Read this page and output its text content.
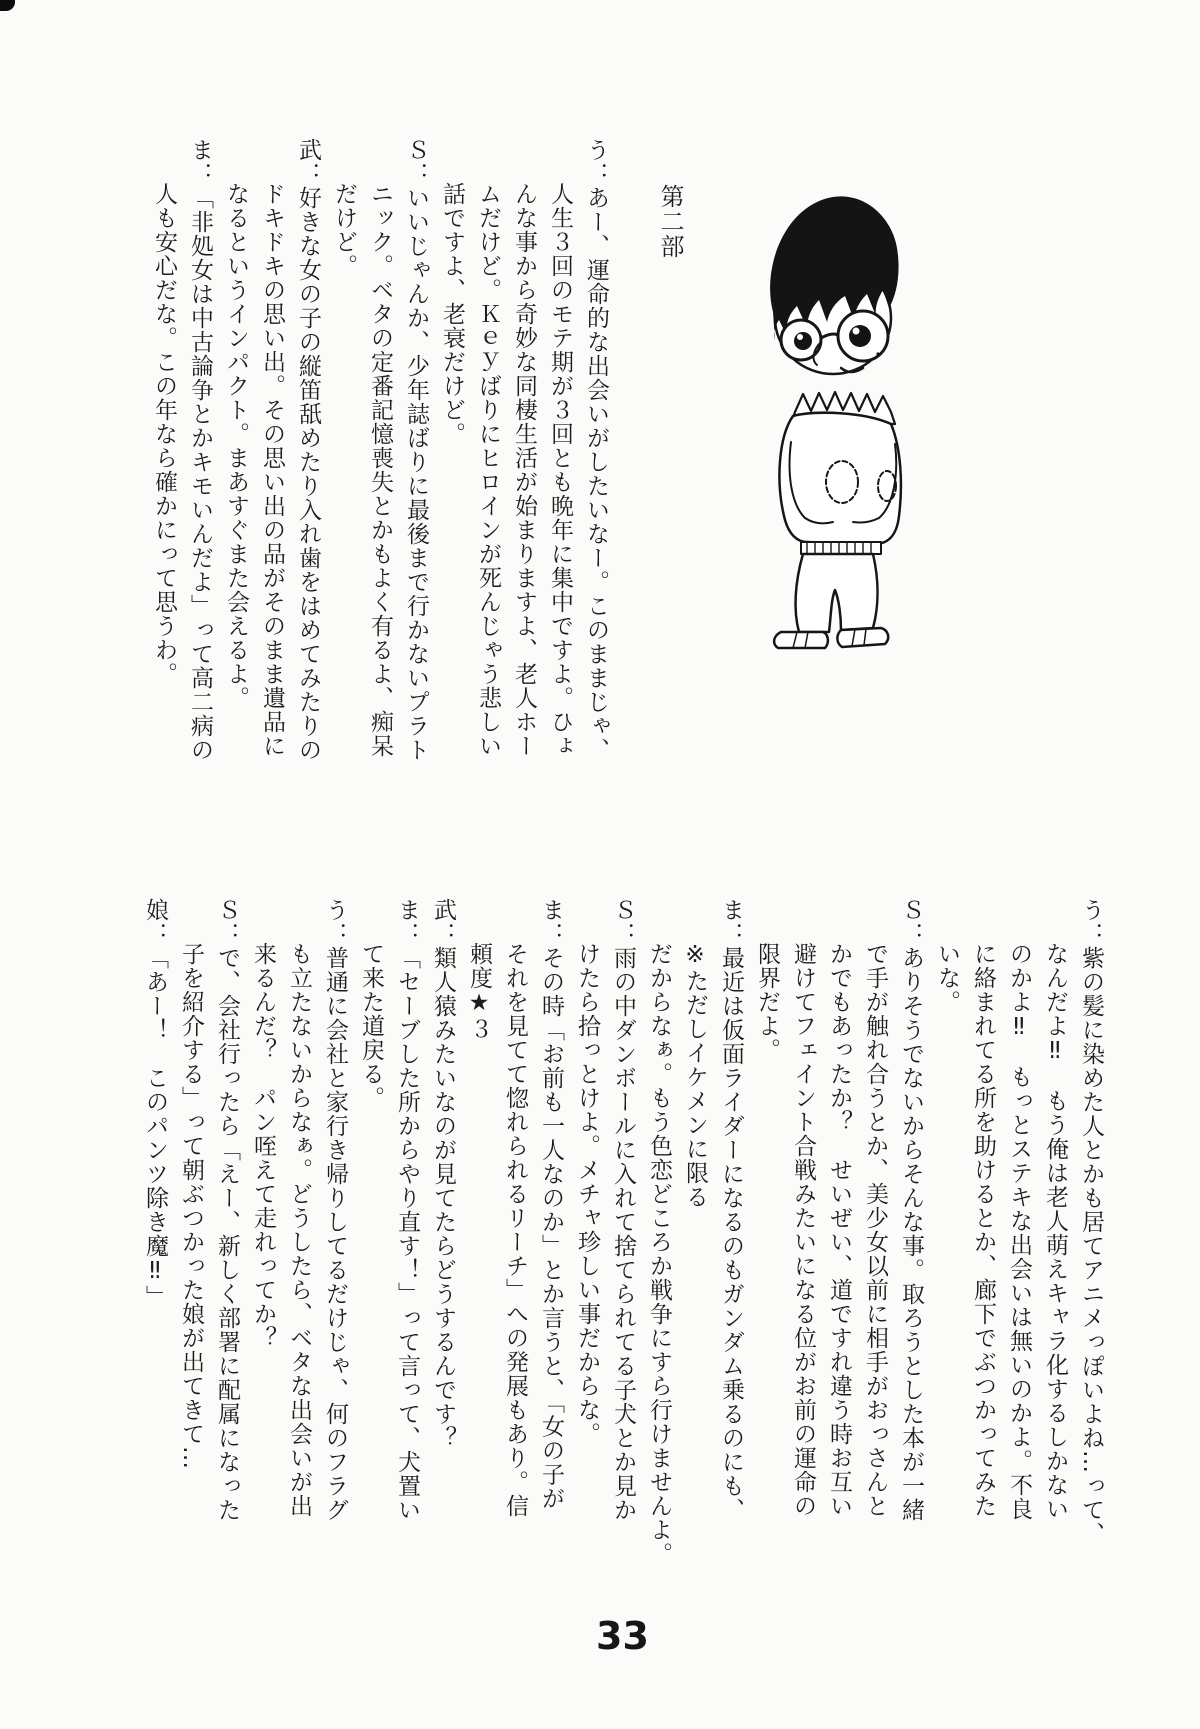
第二部
う：あー、運命的な出会いがしたいなー。このままじゃ、
人生３回のモテ期が３回とも晩年に集中ですよ。ひょ
んな事から奇妙な同棲生活が始まりますよ、老人ホー
ムだけど。Ｋｅｙばりにヒロインが死んじゃう悲しい
話ですよ、老衰だけど。
Ｓ：いいじゃんか、少年誌ばりに最後まで行かないプラト
ニック。ベタの定番記憶喪失とかもよく有るよ、痴呆
だけど。
武：好きな女の子の縦笛舐めたり入れ歯をはめてみたりの
ドキドキの思い出。その思い出の品がそのまま遺品に
なるというインパクト。まあすぐまた会えるよ。
ま：「非処女は中古論争とかキモいんだよ」って高二病の
人も安心だな。この年なら確かにって思うわ。
う：紫の髪に染めた人とかも居てアニメっぽいよね…って、
なんだよ‼　もう俺は老人萌えキャラ化するしかない
のかよ‼　もっとステキな出会いは無いのかよ。不良
に絡まれてる所を助けるとか、廊下でぶつかってみた
いな。
Ｓ：ありそうでないからそんな事。取ろうとした本が一緒
で手が触れ合うとか、美少女以前に相手がおっさんと
かでもあったか？　せいぜい、道ですれ違う時お互い
避けてフェイント合戦みたいになる位がお前の運命の
限界だよ。
ま：最近は仮面ライダーになるのもガンダム乗るのにも、
※ただしイケメンに限る
だからなぁ。もう色恋どころか戦争にすら行けませんよ。
Ｓ：雨の中ダンボールに入れて捨てられてる子犬とか見か
けたら拾っとけよ。メチャ珍しい事だからな。
ま：その時「お前も一人なのか」とか言うと、「女の子が
それを見てて惚れられるリーチ」への発展もあり。信
頼度★３
武：類人猿みたいなのが見てたらどうするんです？
ま：「セーブした所からやり直す！」って言って、犬置い
て来た道戻る。
う：普通に会社と家行き帰りしてるだけじゃ、何のフラグ
も立たないからなぁ。どうしたら、ベタな出会いが出
来るんだ？　パン咥えて走れってか？
Ｓ：で、会社行ったら「えー、新しく部署に配属になった
子を紹介する」って朝ぶつかった娘が出てきて…
娘：「あー！　このパンツ除き魔‼」
33
